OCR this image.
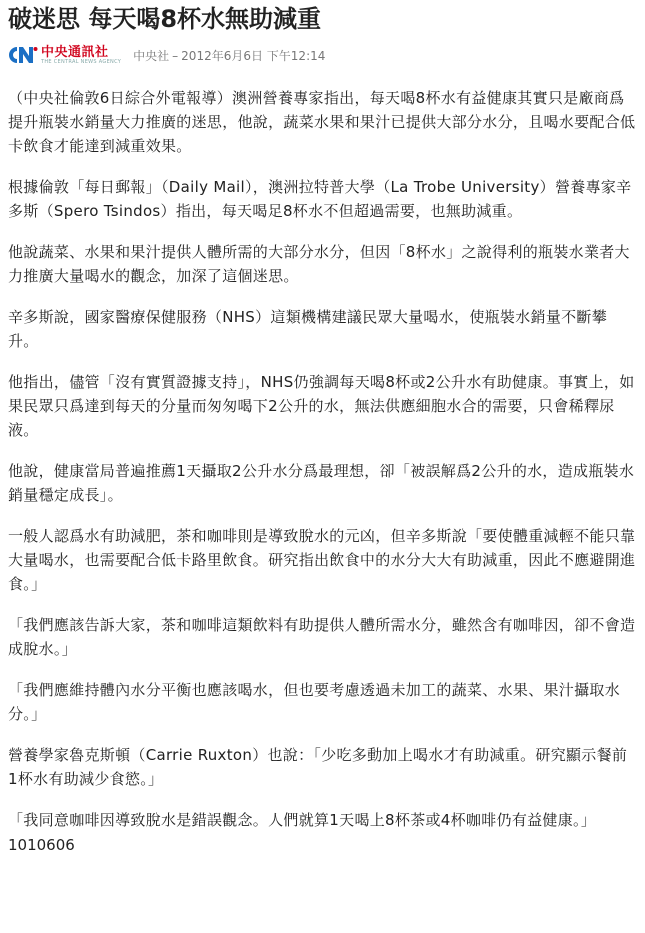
破迷思 每天喝8杯水無助減重
中央通訊社
THE CENTRAL NEWS AGENCY 中央社 – 2012年6月6日 下午12:14

（中央社倫敦6日綜合外電報導）澳洲營養專家指出，每天喝8杯水有益健康其實只是廠商爲提升瓶裝水銷量大力推廣的迷思，他說，蔬菜水果和果汁已提供大部分水分，且喝水要配合低卡飲食才能達到減重效果。

根據倫敦「每日郵報」（Daily Mail），澳洲拉特普大學（La Trobe University）營養專家辛多斯（Spero Tsindos）指出，每天喝足8杯水不但超過需要，也無助減重。

他說蔬菜、水果和果汁提供人體所需的大部分水分，但因「8杯水」之說得利的瓶裝水業者大力推廣大量喝水的觀念，加深了這個迷思。

辛多斯說，國家醫療保健服務（NHS）這類機構建議民眾大量喝水，使瓶裝水銷量不斷攀升。

他指出，儘管「沒有實質證據支持」，NHS仍強調每天喝8杯或2公升水有助健康。事實上，如果民眾只爲達到每天的分量而匆匆喝下2公升的水，無法供應細胞水合的需要，只會稀釋尿液。

他說，健康當局普遍推薦1天攝取2公升水分爲最理想，卻「被誤解爲2公升的水，造成瓶裝水銷量穩定成長」。

一般人認爲水有助減肥，茶和咖啡則是導致脫水的元凶，但辛多斯說「要使體重減輕不能只靠大量喝水，也需要配合低卡路里飲食。研究指出飲食中的水分大大有助減重，因此不應避開進食。」

「我們應該告訴大家，茶和咖啡這類飲料有助提供人體所需水分，雖然含有咖啡因，卻不會造成脫水。」

「我們應維持體內水分平衡也應該喝水，但也要考慮透過未加工的蔬菜、水果、果汁攝取水分。」

營養學家魯克斯頓（Carrie Ruxton）也說：「少吃多動加上喝水才有助減重。研究顯示餐前1杯水有助減少食慾。」

「我同意咖啡因導致脫水是錯誤觀念。人們就算1天喝上8杯茶或4杯咖啡仍有益健康。」

1010606
